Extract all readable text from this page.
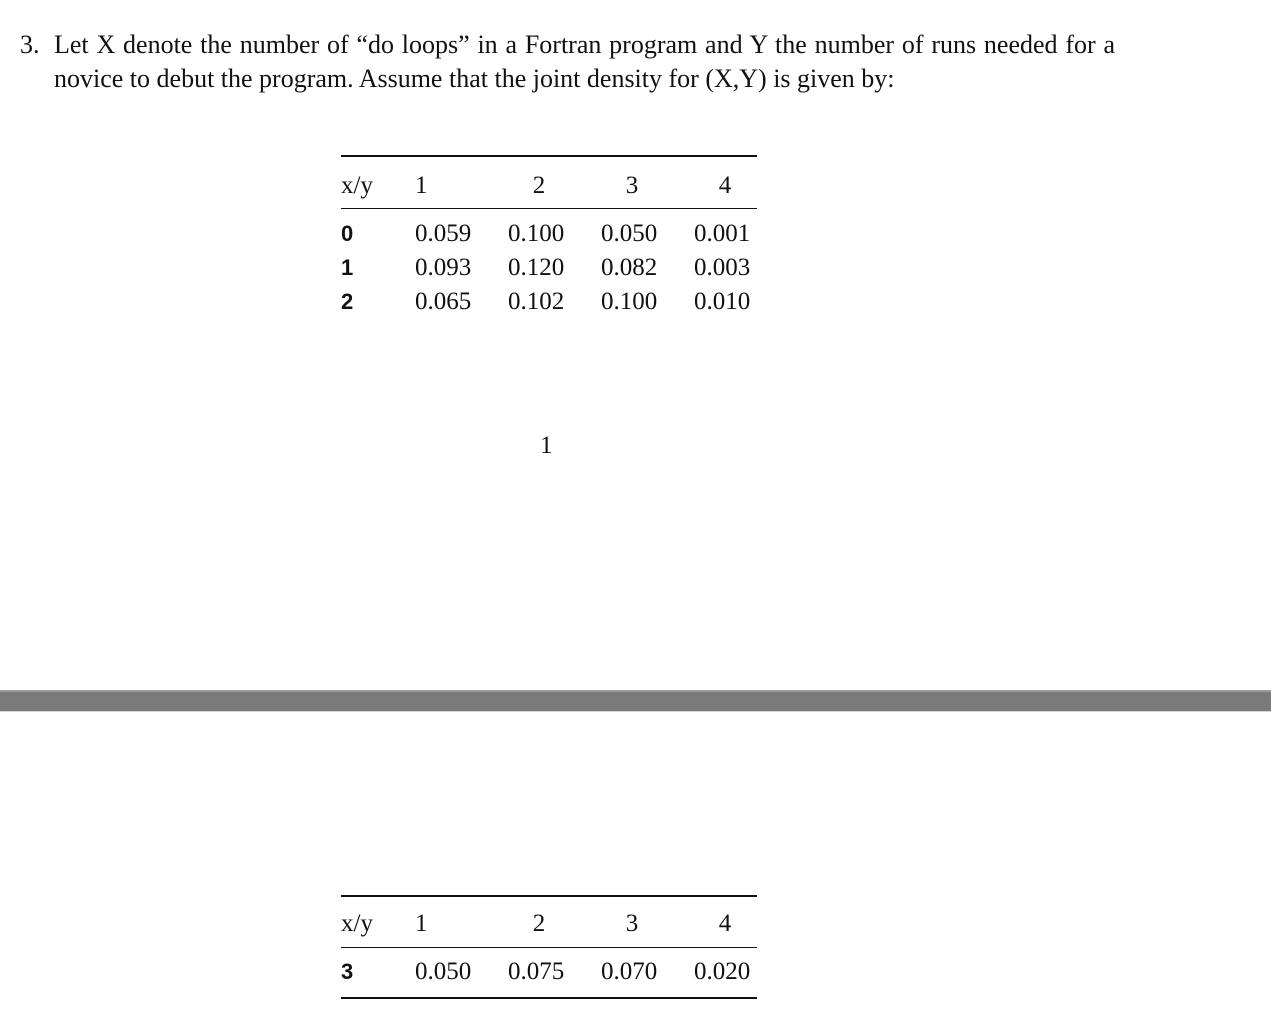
3. Let X denote the number of “do loops” in a Fortran program and Y the number of runs needed for a novice to debut the program. Assume that the joint density for (X,Y) is given by:
x/y 1	2	3	4
0 0.059 0.100 0.050 0.001
1 0.093 0.120 0.082 0.003
2 0.065 0.102 0.100 0.010
1
x/y 1	2	3	4
3 0.050 0.075 0.070 0.020
